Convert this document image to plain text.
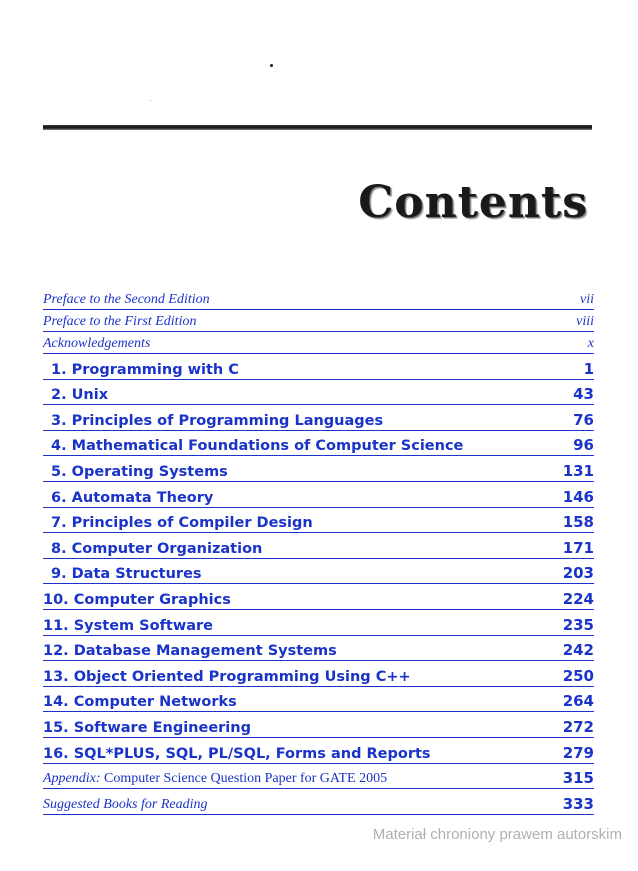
Contents
Preface to the Second Edition	vii
Preface to the First Edition	viii
Acknowledgements	x
1. Programming with C	1
2. Unix	43
3. Principles of Programming Languages	76
4. Mathematical Foundations of Computer Science	96
5. Operating Systems	131
6. Automata Theory	146
7. Principles of Compiler Design	158
8. Computer Organization	171
9. Data Structures	203
10. Computer Graphics	224
11. System Software	235
12. Database Management Systems	242
13. Object Oriented Programming Using C++	250
14. Computer Networks	264
15. Software Engineering	272
16. SQL*PLUS, SQL, PL/SQL, Forms and Reports	279
Appendix: Computer Science Question Paper for GATE 2005	315
Suggested Books for Reading	333
Materiał chroniony prawem autorskim
